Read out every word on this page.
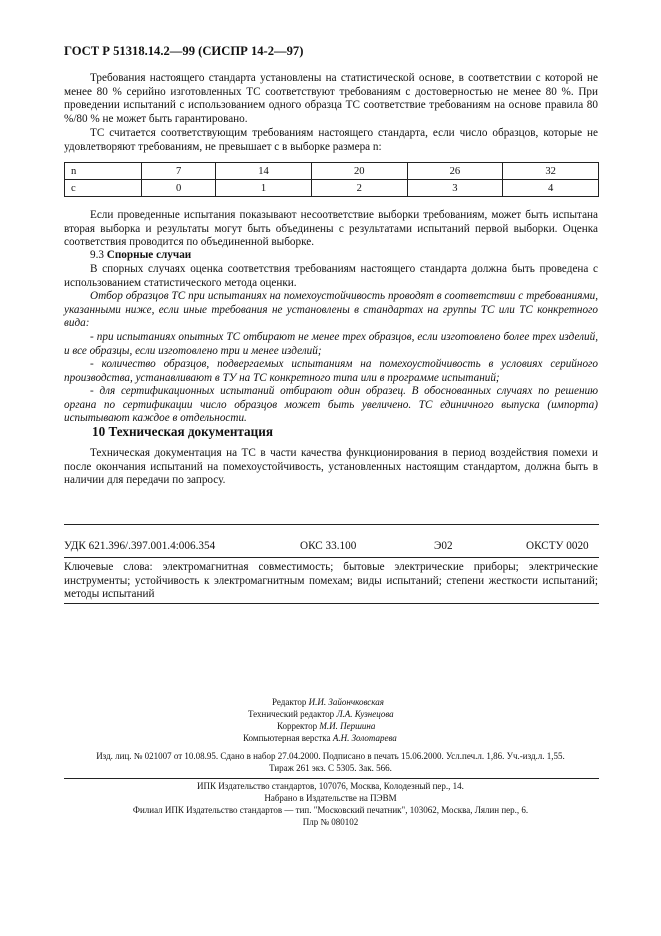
ГОСТ Р 51318.14.2—99 (СИСПР 14-2—97)

Требования настоящего стандарта установлены на статистической основе, в соответствии с которой не менее 80 % серийно изготовленных ТС соответствуют требованиям с достоверностью не менее 80 %. При проведении испытаний с использованием одного образца ТС соответствие требованиям на основе правила 80 %/80 % не может быть гарантировано.

ТС считается соответствующим требованиям настоящего стандарта, если число образцов, которые не удовлетворяют требованиям, не превышает с в выборке размера n:

n	7	14	20	26	32
c	0	1	2	3	4

Если проведенные испытания показывают несоответствие выборки требованиям, может быть испытана вторая выборка и результаты могут быть объединены с результатами испытаний первой выборки. Оценка соответствия проводится по объединенной выборке.

9.3 Спорные случаи

В спорных случаях оценка соответствия требованиям настоящего стандарта должна быть проведена с использованием статистического метода оценки.

Отбор образцов ТС при испытаниях на помехоустойчивость проводят в соответствии с требованиями, указанными ниже, если иные требования не установлены в стандартах на группы ТС или ТС конкретного вида:

- при испытаниях опытных ТС отбирают не менее трех образцов, если изготовлено более трех изделий, и все образцы, если изготовлено три и менее изделий;

- количество образцов, подвергаемых испытаниям на помехоустойчивость в условиях серийного производства, устанавливают в ТУ на ТС конкретного типа или в программе испытаний;

- для сертификационных испытаний отбирают один образец. В обоснованных случаях по решению органа по сертификации число образцов может быть увеличено. ТС единичного выпуска (импорта) испытывают каждое в отдельности.

10 Техническая документация

Техническая документация на ТС в части качества функционирования в период воздействия помехи и после окончания испытаний на помехоустойчивость, установленных настоящим стандартом, должна быть в наличии для передачи по запросу.

УДК 621.396/.397.001.4:006.354	ОКС 33.100	Э02	ОКСТУ 0020

Ключевые слова: электромагнитная совместимость; бытовые электрические приборы; электрические инструменты; устойчивость к электромагнитным помехам; виды испытаний; степени жесткости испытаний; методы испытаний

Редактор И.И. Зайончковская
Технический редактор Л.А. Кузнецова
Корректор М.И. Першина
Компьютерная верстка А.Н. Золотарева
Изд. лиц. № 021007 от 10.08.95. Сдано в набор 27.04.2000. Подписано в печать 15.06.2000. Усл.печ.л. 1,86. Уч.-изд.л. 1,55.
Тираж 261 экз. С 5305. Зак. 566.
ИПК Издательство стандартов, 107076, Москва, Колодезный пер., 14.
Набрано в Издательстве на ПЭВМ
Филиал ИПК Издательство стандартов — тип. "Московский печатник", 103062, Москва, Лялин пер., 6.
Плр № 080102
